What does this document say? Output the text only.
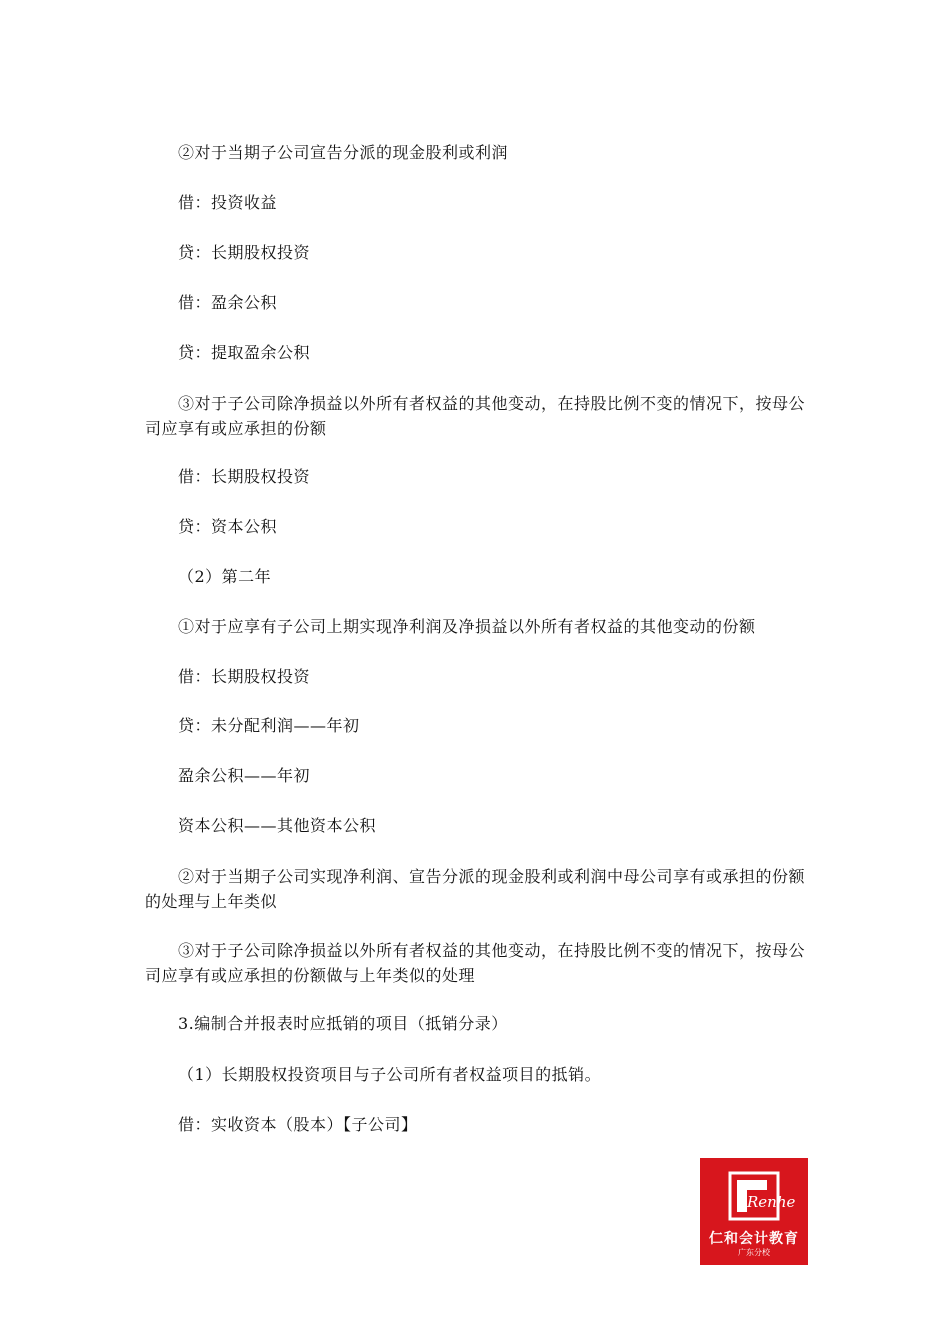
②对于当期子公司宣告分派的现金股利或利润
借：投资收益
贷：长期股权投资
借：盈余公积
贷：提取盈余公积
③对于子公司除净损益以外所有者权益的其他变动，在持股比例不变的情况下，按母公司应享有或应承担的份额
借：长期股权投资
贷：资本公积
（2）第二年
①对于应享有子公司上期实现净利润及净损益以外所有者权益的其他变动的份额
借：长期股权投资
贷：未分配利润——年初
盈余公积——年初
资本公积——其他资本公积
②对于当期子公司实现净利润、宣告分派的现金股利或利润中母公司享有或承担的份额的处理与上年类似
③对于子公司除净损益以外所有者权益的其他变动，在持股比例不变的情况下，按母公司应享有或应承担的份额做与上年类似的处理
3.编制合并报表时应抵销的项目（抵销分录）
（1）长期股权投资项目与子公司所有者权益项目的抵销。
借：实收资本（股本）【子公司】
Renhe
仁和会计教育
广东分校
